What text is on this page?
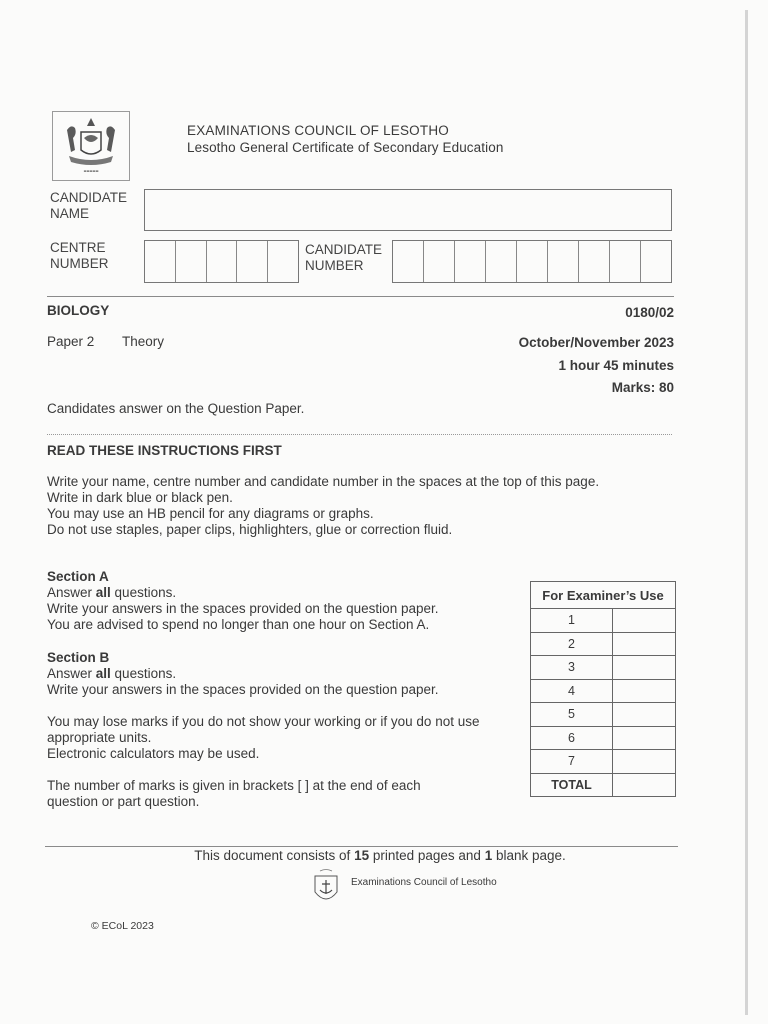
▬▬▬▬▬
EXAMINATIONS COUNCIL OF LESOTHO
Lesotho General Certificate of Secondary Education
CANDIDATE
NAME
CENTRE
NUMBER
CANDIDATE
NUMBER
BIOLOGY	0180/02
Paper 2 Theory	October/November 2023
1 hour 45 minutes
Marks: 80
Candidates answer on the Question Paper.
READ THESE INSTRUCTIONS FIRST

Write your name, centre number and candidate number in the spaces at the top of this page.

Write in dark blue or black pen.

You may use an HB pencil for any diagrams or graphs.

Do not use staples, paper clips, highlighters, glue or correction fluid.

Section A

Answer all questions.

Write your answers in the spaces provided on the question paper.

You are advised to spend no longer than one hour on Section A.

Section B

Answer all questions.

Write your answers in the spaces provided on the question paper.

You may lose marks if you do not show your working or if you do not use

appropriate units.

Electronic calculators may be used.

The number of marks is given in brackets [ ] at the end of each

question or part question.

For Examiner’s Use	
1	
2	
3	
4	
5	
6	
7	
TOTAL	
This document consists of 15 printed pages and 1 blank page.
Examinations Council of Lesotho
© ECoL 2023
